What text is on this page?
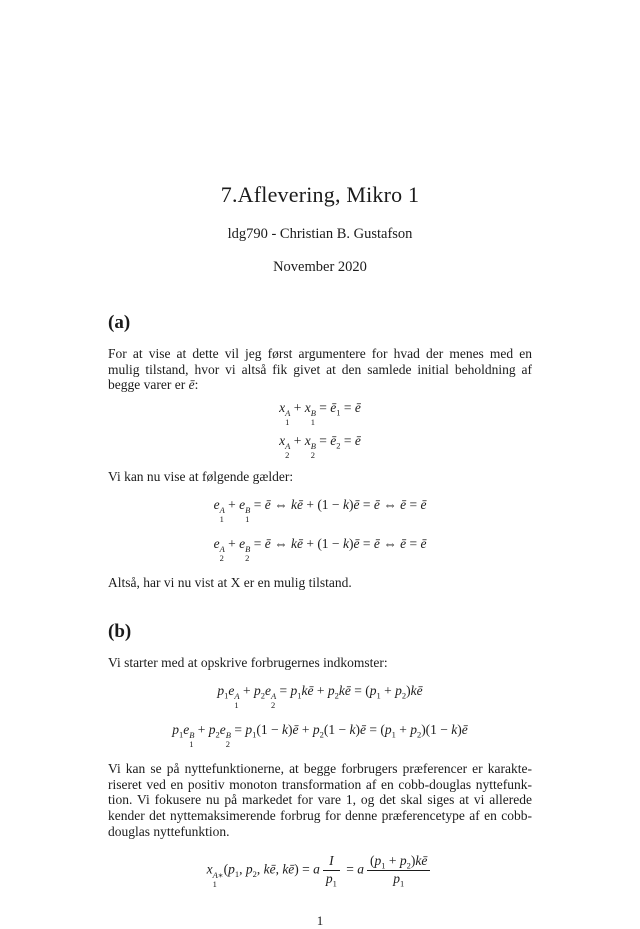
7.Aflevering, Mikro 1
ldg790 - Christian B. Gustafson
November 2020
(a)
For at vise at dette vil jeg først argumentere for hvad der menes med en
mulig tilstand, hvor vi altså fik givet at den samlede initial beholdning af
begge varer er ē:
x A
1
+ x B
1
= $ē_1$ = ē
x A
2
+ x B
2
= $ē_2$ = ē
Vi kan nu vise at følgende gælder:
e A
1
+ e B
1
= ē ⇔ kē + (1 − k)ē = ē ⇔ ē = ē
e A
2
+ e B
2
= ē ⇔ kē + (1 − k)ē = ē ⇔ ē = ē
Altså, har vi nu vist at X er en mulig tilstand.
(b)
Vi starter med at opskrive forbrugernes indkomster:
$p_1e$ A
1
+ $p_2e$ A
2
= $p_1kē$ + $p_2kē = (p_1$ + $p_2)kē$
$p_1e$ B
1
+ $p_2e$ B
2
= $p_1(1$ − k)ē + $p_2(1$ − k)ē = $(p_1 + p_2)(1$ − k)ē
Vi kan se på nyttefunktionerne, at begge forbrugers præferencer er karakte-
riseret ved en positiv monoton transformation af en cobb-douglas nyttefunk-
tion. Vi fokusere nu på markedet for vare 1, og det skal siges at vi allerede
kender det nyttemaksimerende forbrug for denne præferencetype af en cobb-
douglas nyttefunktion.
x A∗
1
($p_1$, $p_2$, kē, kē) = a $\frac{I}{p_1} = a \frac{(p_1 + p_2)kē}{p_1}$
1
